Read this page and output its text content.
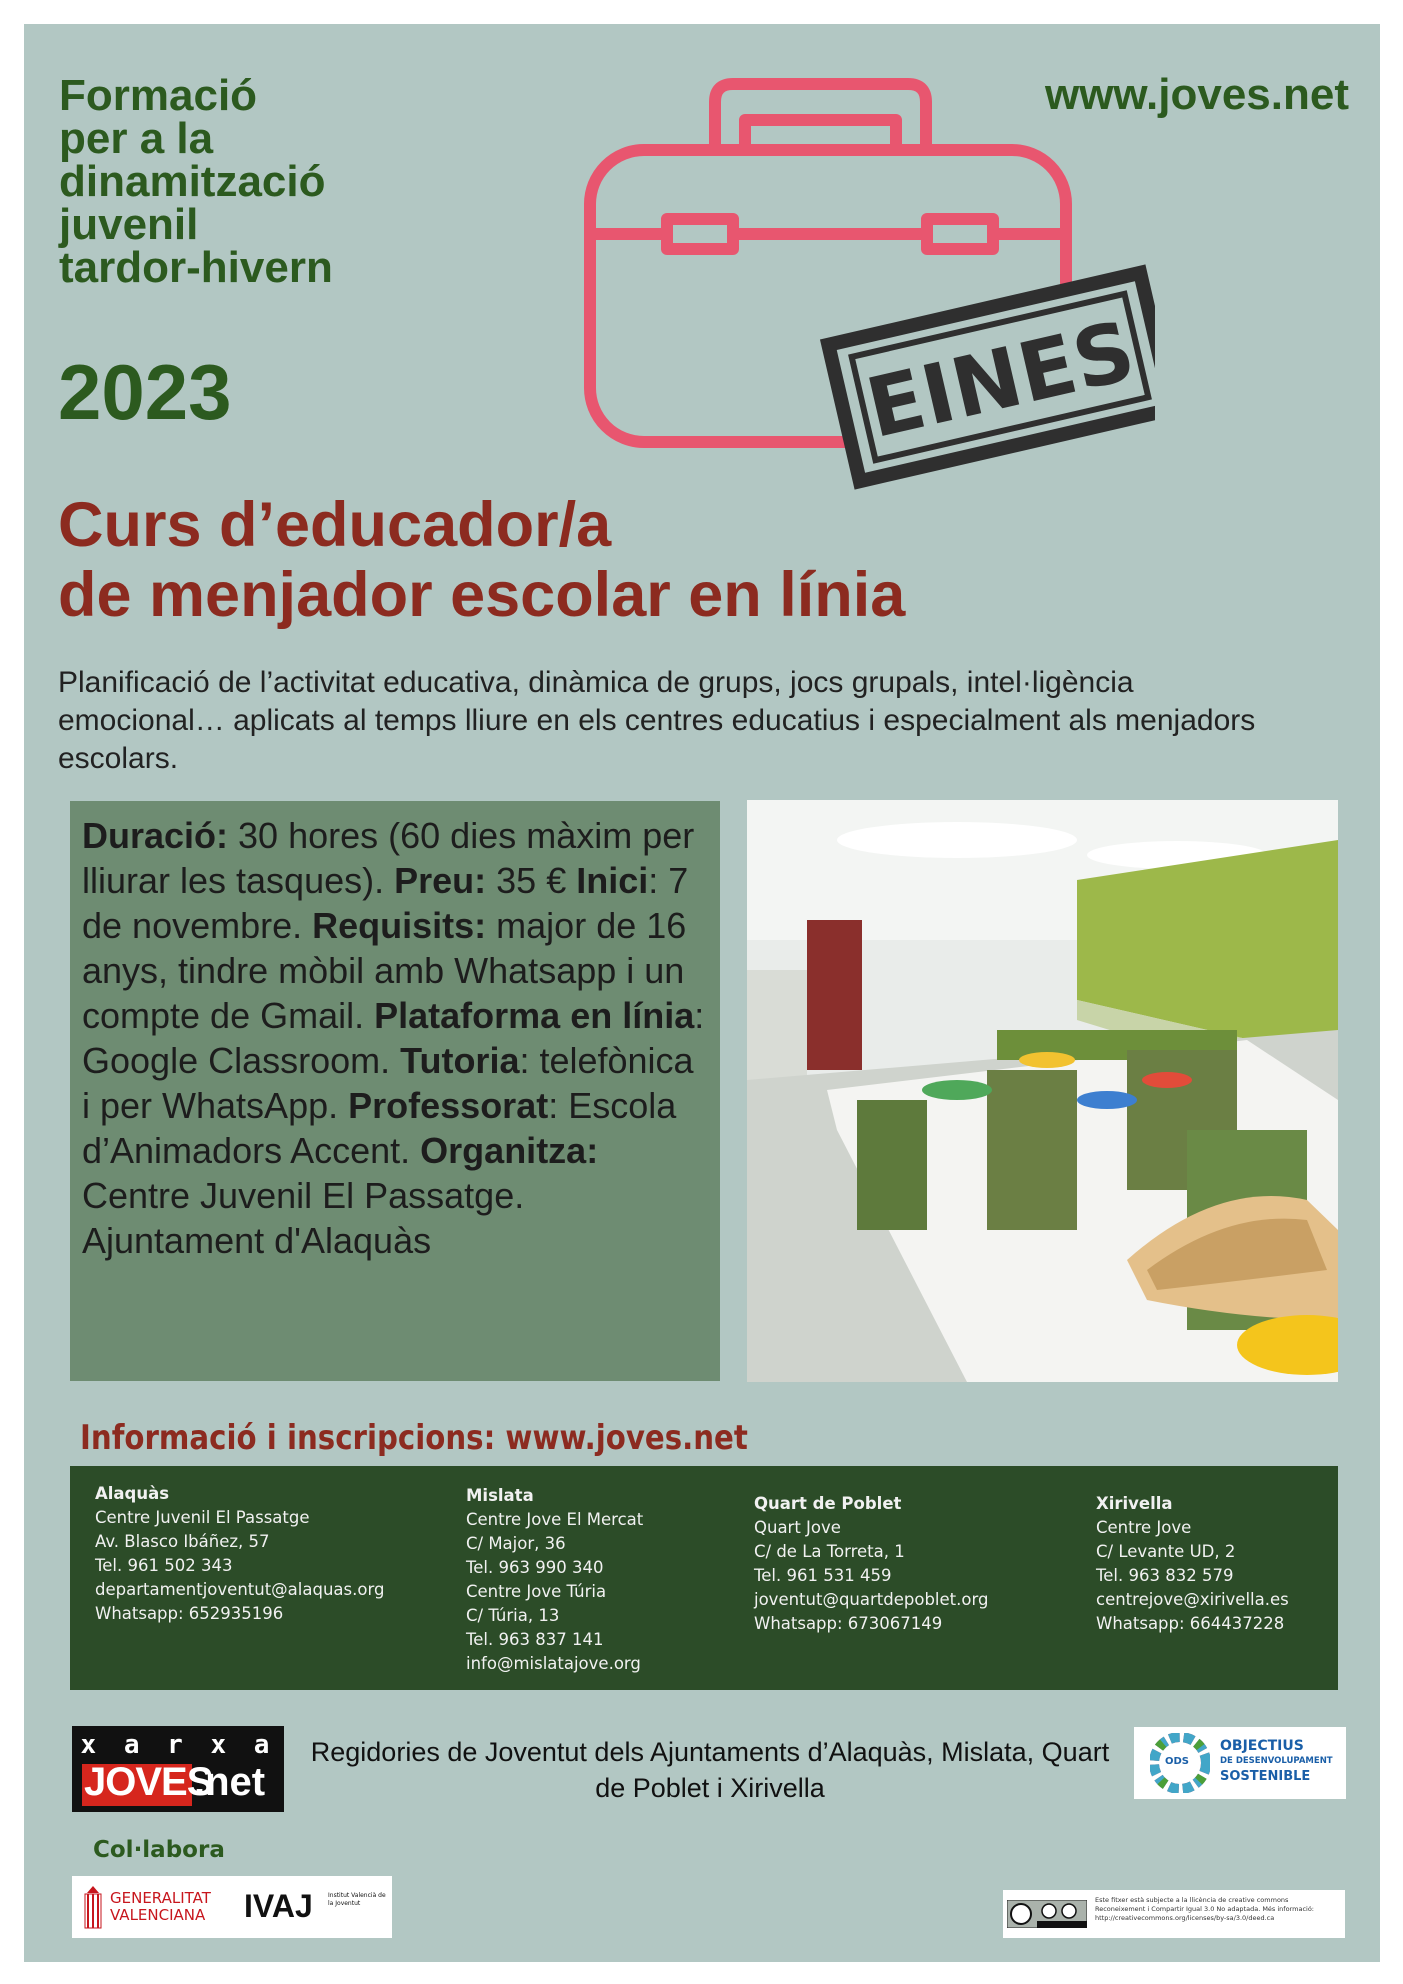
Formació
per a la
dinamització
juvenil
tardor-hivern
2023
www.joves.net
EINES
Curs d’educador/a
de menjador escolar en línia
Planificació de l’activitat educativa, dinàmica de grups, jocs grupals, intel·ligència emocional… aplicats al temps lliure en els centres educatius i especialment als menjadors escolars.
Duració: 30 hores (60 dies màxim per lliurar les tasques). Preu: 35 € Inici: 7 de novembre. Requisits: major de 16 anys, tindre mòbil amb Whatsapp i un compte de Gmail. Plataforma en línia: Google Classroom. Tutoria: telefònica i per WhatsApp. Professorat: Escola d’Animadors Accent. Organitza: Centre Juvenil El Passatge. Ajuntament d'Alaquàs
Informació i inscripcions: www.joves.net
Alaquàs
Centre Juvenil El Passatge
Av. Blasco Ibáñez, 57
Tel. 961 502 343
departamentjoventut@alaquas.org
Whatsapp: 652935196
Mislata
Centre Jove El Mercat
C/ Major, 36
Tel. 963 990 340
Centre Jove Túria
C/ Túria, 13
Tel. 963 837 141
info@mislatajove.org
Quart de Poblet
Quart Jove
C/ de La Torreta, 1
Tel. 961 531 459
joventut@quartdepoblet.org
Whatsapp: 673067149
Xirivella
Centre Jove
C/ Levante UD, 2
Tel. 963 832 579
centrejove@xirivella.es
Whatsapp: 664437228
x a r x a
JOVES
.net
Regidories de Joventut dels Ajuntaments d’Alaquàs, Mislata, Quart de Poblet i Xirivella
ODS
OBJECTIUS
DE DESENVOLUPAMENT
SOSTENIBLE
Col·labora
GENERALITAT
VALENCIANA IVAJ	Institut Valencià de la Joventut	Este fitxer està subjecte a la llicència de creative commons Reconeixement i Compartir Igual 3.0 No adaptada. Més informació: http://creativecommons.org/licenses/by-sa/3.0/deed.ca
